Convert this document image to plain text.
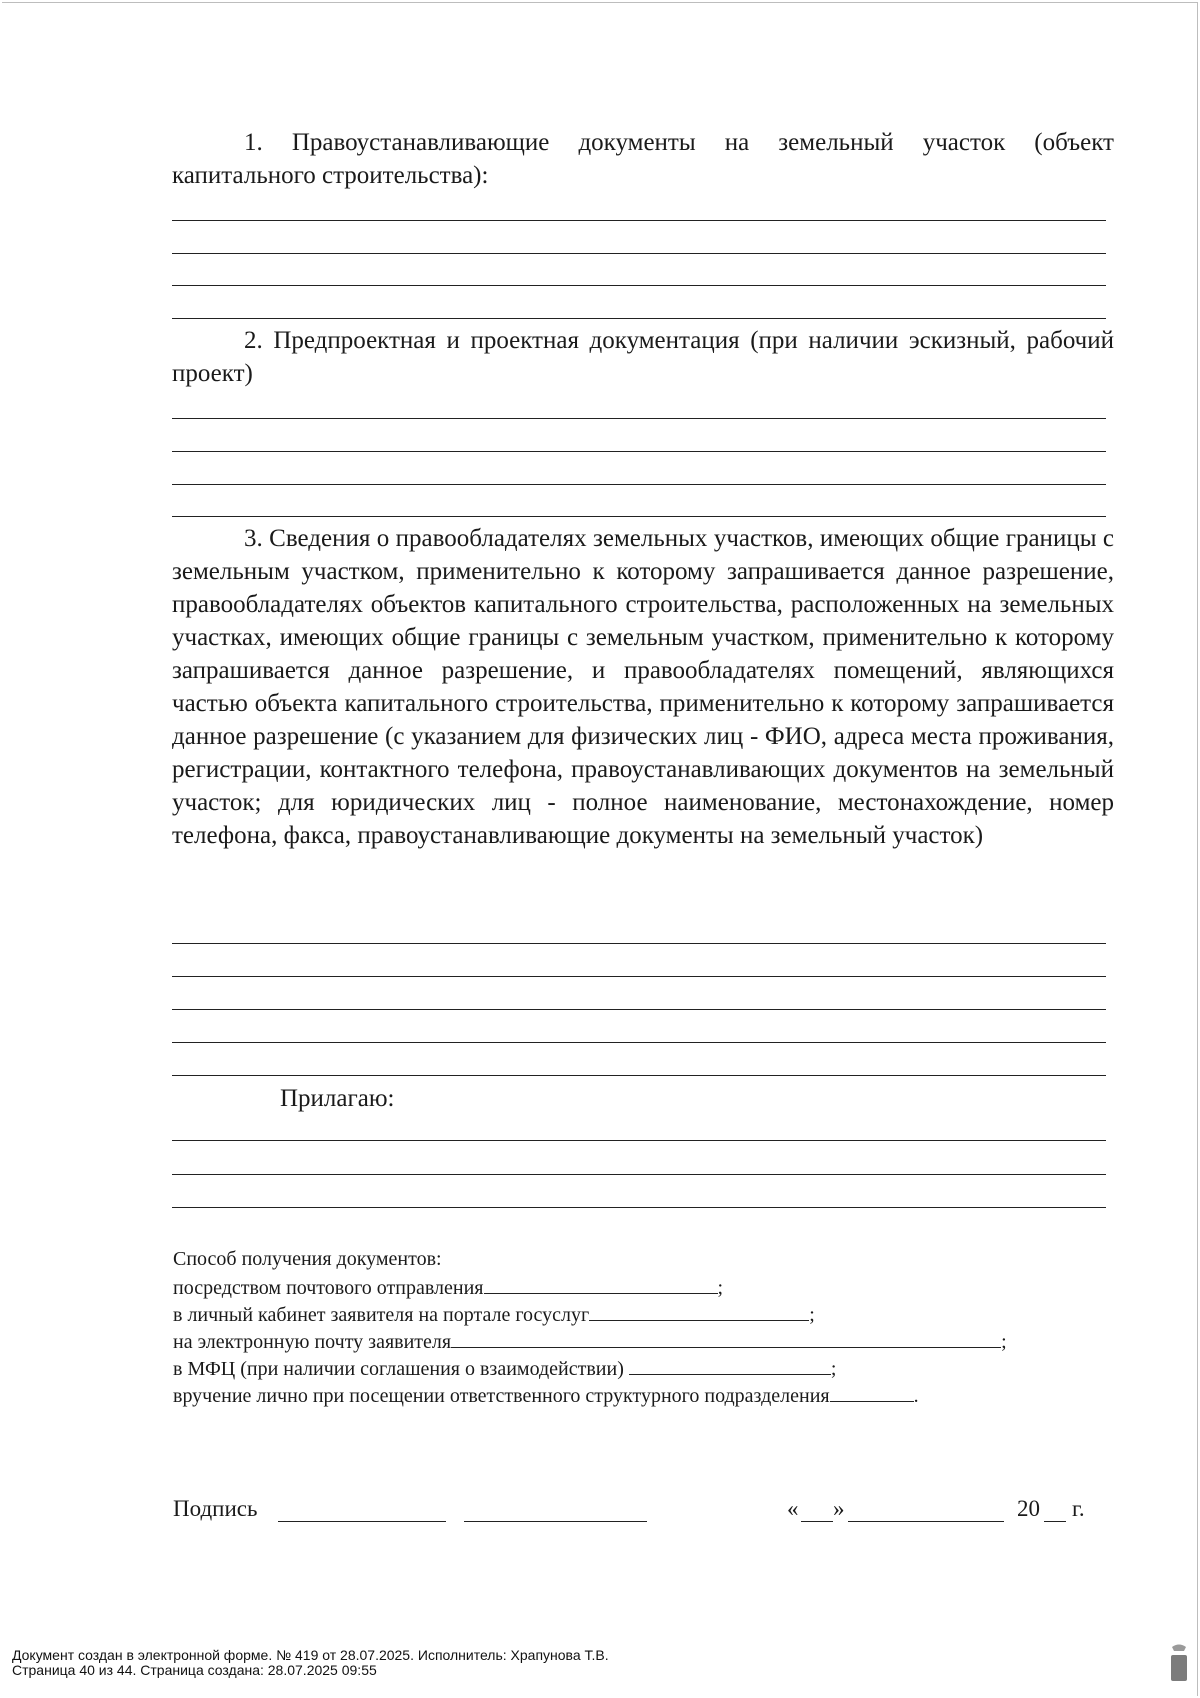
1. Правоустанавливающие документы на земельный участок (объект капитального строительства):
2. Предпроектная и проектная документация (при наличии эскизный, рабочий проект)
3. Сведения о правообладателях земельных участков, имеющих общие границы с земельным участком, применительно к которому запрашивается данное разрешение, правообладателях объектов капитального строительства, расположенных на земельных участках, имеющих общие границы с земельным участком, применительно к которому запрашивается данное разрешение, и правообладателях помещений, являющихся частью объекта капитального строительства, применительно к которому запрашивается данное разрешение (с указанием для физических лиц - ФИО, адреса места проживания, регистрации, контактного телефона, правоустанавливающих документов на земельный участок; для юридических лиц - полное наименование, местонахождение, номер телефона, факса, правоустанавливающие документы на земельный участок)
Прилагаю:
Способ получения документов:
посредством почтового отправления	;
в личный кабинет заявителя на портале госуслуг	;
на электронную почту заявителя	;
в МФЦ (при наличии соглашения о взаимодействии)	;
вручение лично при посещении ответственного структурного подразделения	.
Подпись	« »	20 г.
Документ создан в электронной форме. № 419 от 28.07.2025. Исполнитель: Храпунова Т.В.
Страница 40 из 44. Страница создана: 28.07.2025 09:55
